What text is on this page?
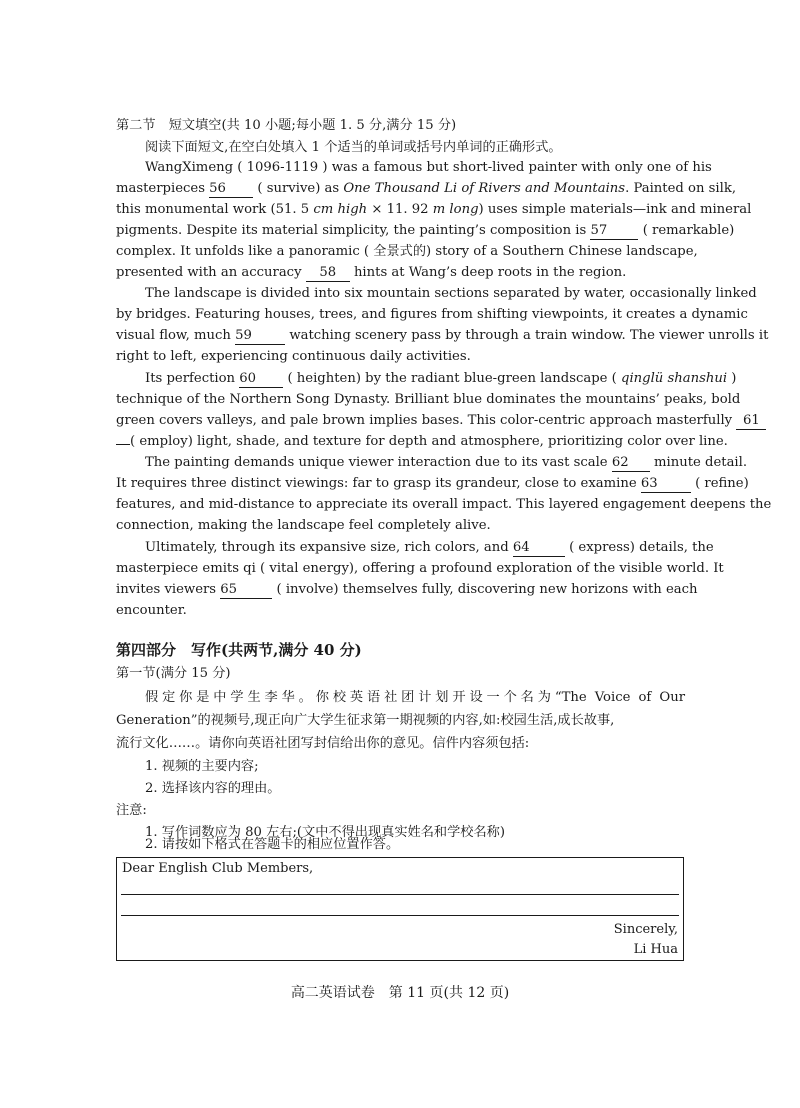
第二节　短文填空(共 10 小题;每小题 1. 5 分,满分 15 分)
阅读下面短文,在空白处填入 1 个适当的单词或括号内单词的正确形式。
WangXimeng ( 1096-1119 ) was a famous but short-lived painter with only one of his
masterpieces 56 ( survive) as One Thousand Li of Rivers and Mountains. Painted on silk,
this monumental work (51. 5 cm high × 11. 92 m long) uses simple materials—ink and mineral
pigments. Despite its material simplicity, the painting’s composition is 57	( remarkable)
complex. It unfolds like a panoramic ( 全景式的) story of a Southern Chinese landscape,
presented with an accuracy 58 hints at Wang’s deep roots in the region.
The landscape is divided into six mountain sections separated by water, occasionally linked
by bridges. Featuring houses, trees, and figures from shifting viewpoints, it creates a dynamic
visual flow, much 59	watching scenery pass by through a train window. The viewer unrolls it
right to left, experiencing continuous daily activities.
Its perfection 60 ( heighten) by the radiant blue-green landscape ( qinglü shanshui )
technique of the Northern Song Dynasty. Brilliant blue dominates the mountains’ peaks, bold
green covers valleys, and pale brown implies bases. This color-centric approach masterfully 61
( employ) light, shade, and texture for depth and atmosphere, prioritizing color over line.
The painting demands unique viewer interaction due to its vast scale 62 minute detail.
It requires three distinct viewings: far to grasp its grandeur, close to examine 63	( refine)
features, and mid-distance to appreciate its overall impact. This layered engagement deepens the
connection, making the landscape feel completely alive.
Ultimately, through its expansive size, rich colors, and 64	( express) details, the
masterpiece emits qi ( vital energy), offering a profound exploration of the visible world. It
invites viewers 65	( involve) themselves fully, discovering new horizons with each
encounter.
第四部分　写作(共两节,满分 40 分)
第一节(满分 15 分)
假定你是中学生李华。你校英语社团计划开设一个名为“The Voice of Our
Generation”的视频号,现正向广大学生征求第一期视频的内容,如:校园生活,成长故事,
流行文化……。请你向英语社团写封信给出你的意见。信件内容须包括:
1. 视频的主要内容;
2. 选择该内容的理由。
注意:
1. 写作词数应为 80 左右;(文中不得出现真实姓名和学校名称)
2. 请按如下格式在答题卡的相应位置作答。
Dear English Club Members,
Sincerely,
Li Hua
高二英语试卷　第 11 页(共 12 页)
